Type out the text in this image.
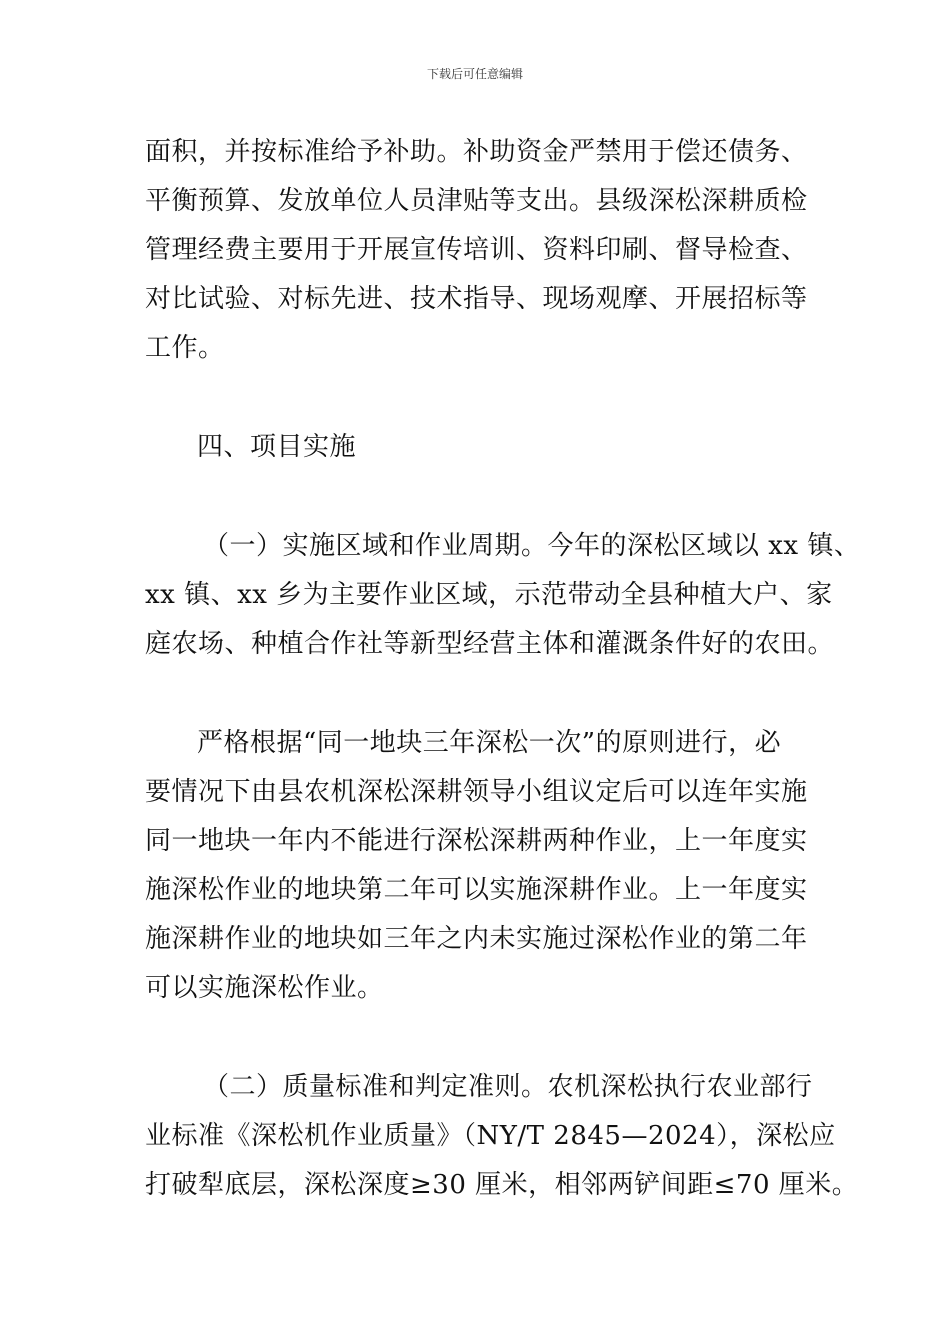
下载后可任意编辑
面积，并按标准给予补助。补助资金严禁用于偿还债务、
平衡预算、发放单位人员津贴等支出。县级深松深耕质检
管理经费主要用于开展宣传培训、资料印刷、督导检查、
对比试验、对标先进、技术指导、现场观摩、开展招标等
工作。
四、项目实施
（一）实施区域和作业周期。今年的深松区域以 xx 镇、
xx 镇、xx 乡为主要作业区域，示范带动全县种植大户、家
庭农场、种植合作社等新型经营主体和灌溉条件好的农田。
严格根据“同一地块三年深松一次”的原则进行，必
要情况下由县农机深松深耕领导小组议定后可以连年实施
同一地块一年内不能进行深松深耕两种作业，上一年度实
施深松作业的地块第二年可以实施深耕作业。上一年度实
施深耕作业的地块如三年之内未实施过深松作业的第二年
可以实施深松作业。
（二）质量标准和判定准则。农机深松执行农业部行
业标准《深松机作业质量》（NY/T 2845—2024），深松应
打破犁底层，深松深度≥30 厘米，相邻两铲间距≤70 厘米。
